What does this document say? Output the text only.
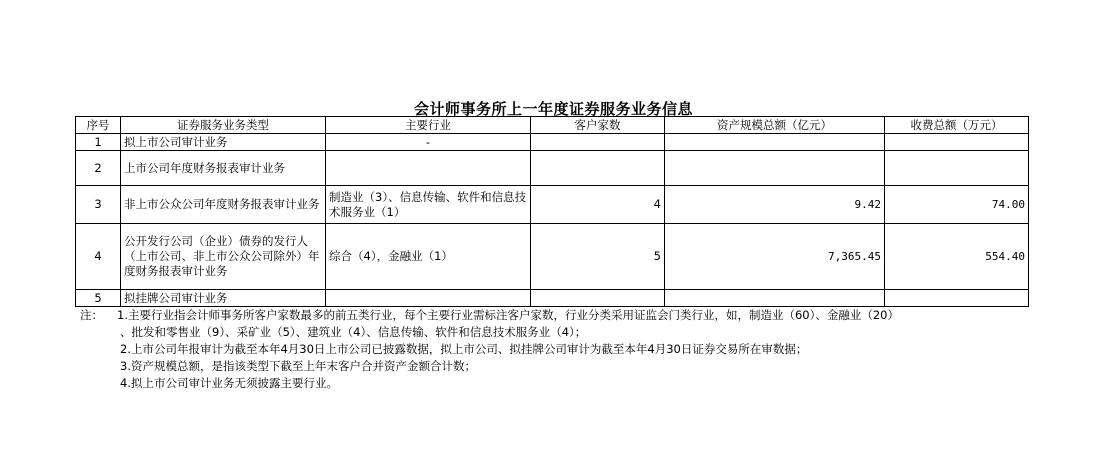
会计师事务所上一年度证券服务业务信息
序号	证券服务业务类型	主要行业	客户家数	资产规模总额（亿元）	收费总额（万元）
1	拟上市公司审计业务	-			
2	上市公司年度财务报表审计业务				
3	非上市公众公司年度财务报表审计业务	制造业（3）、信息传输、软件和信息技术服务业（1）	4	9.42	74.00
4	公开发行公司（企业）债券的发行人（上市公司、非上市公众公司除外）年度财务报表审计业务	综合（4），金融业（1）	5	7,365.45	554.40
5	拟挂牌公司审计业务				
注：	1.主要行业指会计师事务所客户家数最多的前五类行业，每个主要行业需标注客户家数，行业分类采用证监会门类行业，如，制造业（60）、金融业（20）
、批发和零售业（9）、采矿业（5）、建筑业（4）、信息传输、软件和信息技术服务业（4）；
2.上市公司年报审计为截至本年4月30日上市公司已披露数据，拟上市公司、拟挂牌公司审计为截至本年4月30日证券交易所在审数据；
3.资产规模总额，是指该类型下截至上年末客户合并资产金额合计数；
4.拟上市公司审计业务无须披露主要行业。
